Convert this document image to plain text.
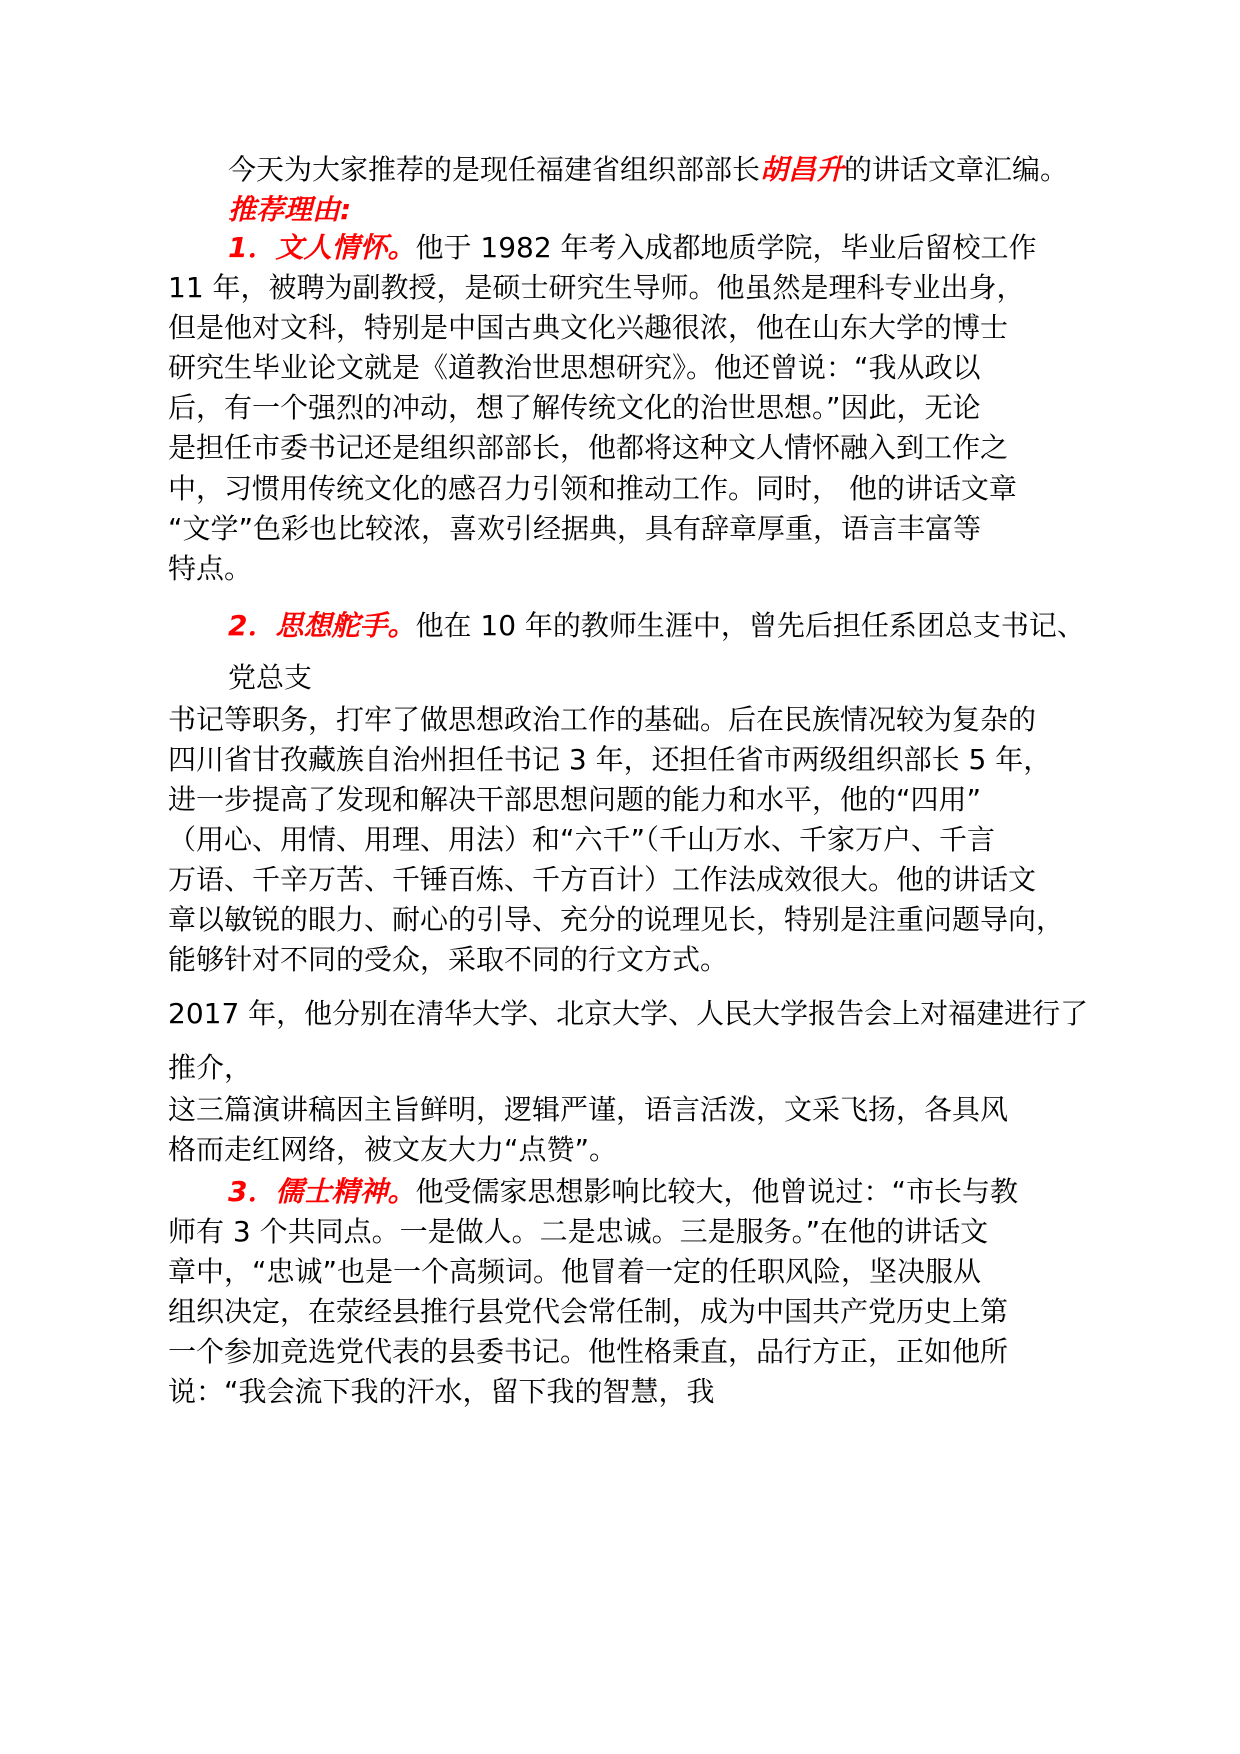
今天为大家推荐的是现任福建省组织部部长胡昌升的讲话文章汇编。
推荐理由:
1．文人情怀。他于 1982 年考入成都地质学院，毕业后留校工作
11 年，被聘为副教授，是硕士研究生导师。他虽然是理科专业出身，
但是他对文科，特别是中国古典文化兴趣很浓，他在山东大学的博士
研究生毕业论文就是《道教治世思想研究》。他还曾说：“我从政以
后，有一个强烈的冲动，想了解传统文化的治世思想。”因此，无论
是担任市委书记还是组织部部长，他都将这种文人情怀融入到工作之
中，习惯用传统文化的感召力引领和推动工作。同时， 他的讲话文章
“文学”色彩也比较浓，喜欢引经据典，具有辞章厚重，语言丰富等
特点。
2．思想舵手。他在 10 年的教师生涯中，曾先后担任系团总支书记、
党总支
书记等职务，打牢了做思想政治工作的基础。后在民族情况较为复杂的
四川省甘孜藏族自治州担任书记 3 年，还担任省市两级组织部长 5 年，
进一步提高了发现和解决干部思想问题的能力和水平，他的“四用”
（用心、用情、用理、用法）和“六千”（千山万水、千家万户、千言
万语、千辛万苦、千锤百炼、千方百计）工作法成效很大。他的讲话文
章以敏锐的眼力、耐心的引导、充分的说理见长，特别是注重问题导向，
能够针对不同的受众，采取不同的行文方式。
2017 年，他分别在清华大学、北京大学、人民大学报告会上对福建进行了
推介，
这三篇演讲稿因主旨鲜明，逻辑严谨，语言活泼，文采飞扬，各具风
格而走红网络，被文友大力“点赞”。
3．儒士精神。他受儒家思想影响比较大，他曾说过：“市长与教
师有 3 个共同点。一是做人。二是忠诚。三是服务。”在他的讲话文
章中，“忠诚”也是一个高频词。他冒着一定的任职风险，坚决服从
组织决定，在荥经县推行县党代会常任制，成为中国共产党历史上第
一个参加竞选党代表的县委书记。他性格秉直，品行方正，正如他所
说：“我会流下我的汗水，留下我的智慧，我
